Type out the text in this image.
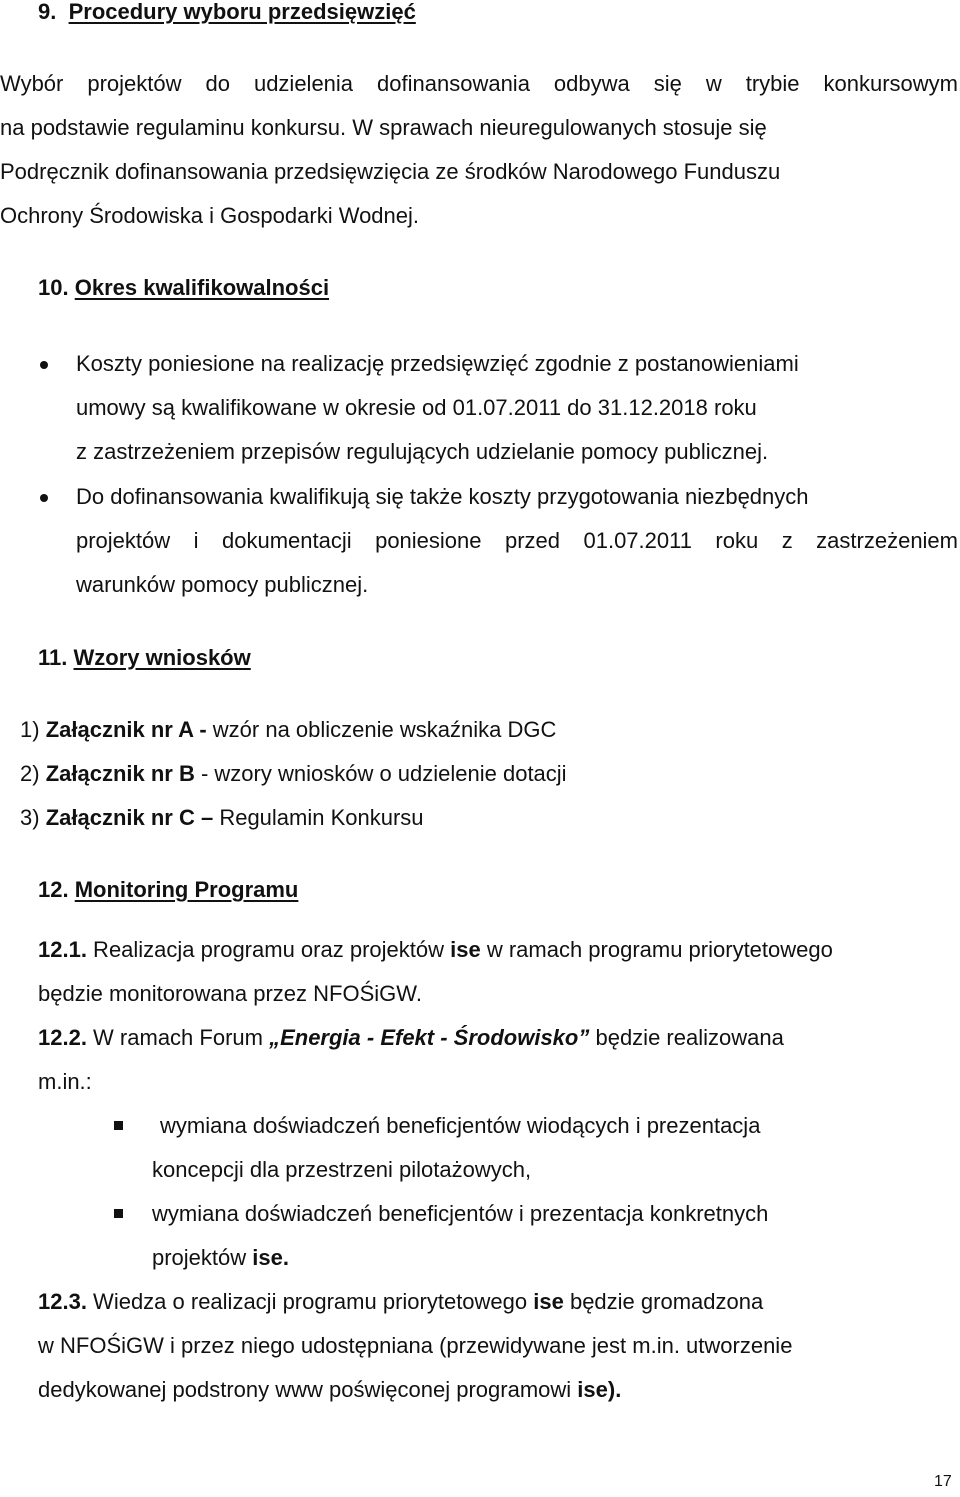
9. Procedury wyboru przedsięwzięć
Wybór projektów do udzielenia dofinansowania odbywa się w trybie konkursowym
na podstawie regulaminu konkursu. W sprawach nieuregulowanych stosuje się
Podręcznik dofinansowania przedsięwzięcia ze środków Narodowego Funduszu
Ochrony Środowiska i Gospodarki Wodnej.
10. Okres kwalifikowalności
Koszty poniesione na realizację przedsięwzięć zgodnie z postanowieniami
umowy są kwalifikowane w okresie od 01.07.2011 do 31.12.2018 roku
z zastrzeżeniem przepisów regulujących udzielanie pomocy publicznej.
Do dofinansowania kwalifikują się także koszty przygotowania niezbędnych
projektów i dokumentacji poniesione przed 01.07.2011 roku z zastrzeżeniem
warunków pomocy publicznej.
11. Wzory wniosków
1) Załącznik nr A - wzór na obliczenie wskaźnika DGC
2) Załącznik nr B - wzory wniosków o udzielenie dotacji
3) Załącznik nr C – Regulamin Konkursu
12. Monitoring Programu
12.1. Realizacja programu oraz projektów ise w ramach programu priorytetowego
będzie monitorowana przez NFOŚiGW.
12.2. W ramach Forum „Energia - Efekt - Środowisko” będzie realizowana
m.in.:
wymiana doświadczeń beneficjentów wiodących i prezentacja
koncepcji dla przestrzeni pilotażowych,
wymiana doświadczeń beneficjentów i prezentacja konkretnych
projektów ise.
12.3. Wiedza o realizacji programu priorytetowego ise będzie gromadzona
w NFOŚiGW i przez niego udostępniana (przewidywane jest m.in. utworzenie
dedykowanej podstrony www poświęconej programowi ise).
17
